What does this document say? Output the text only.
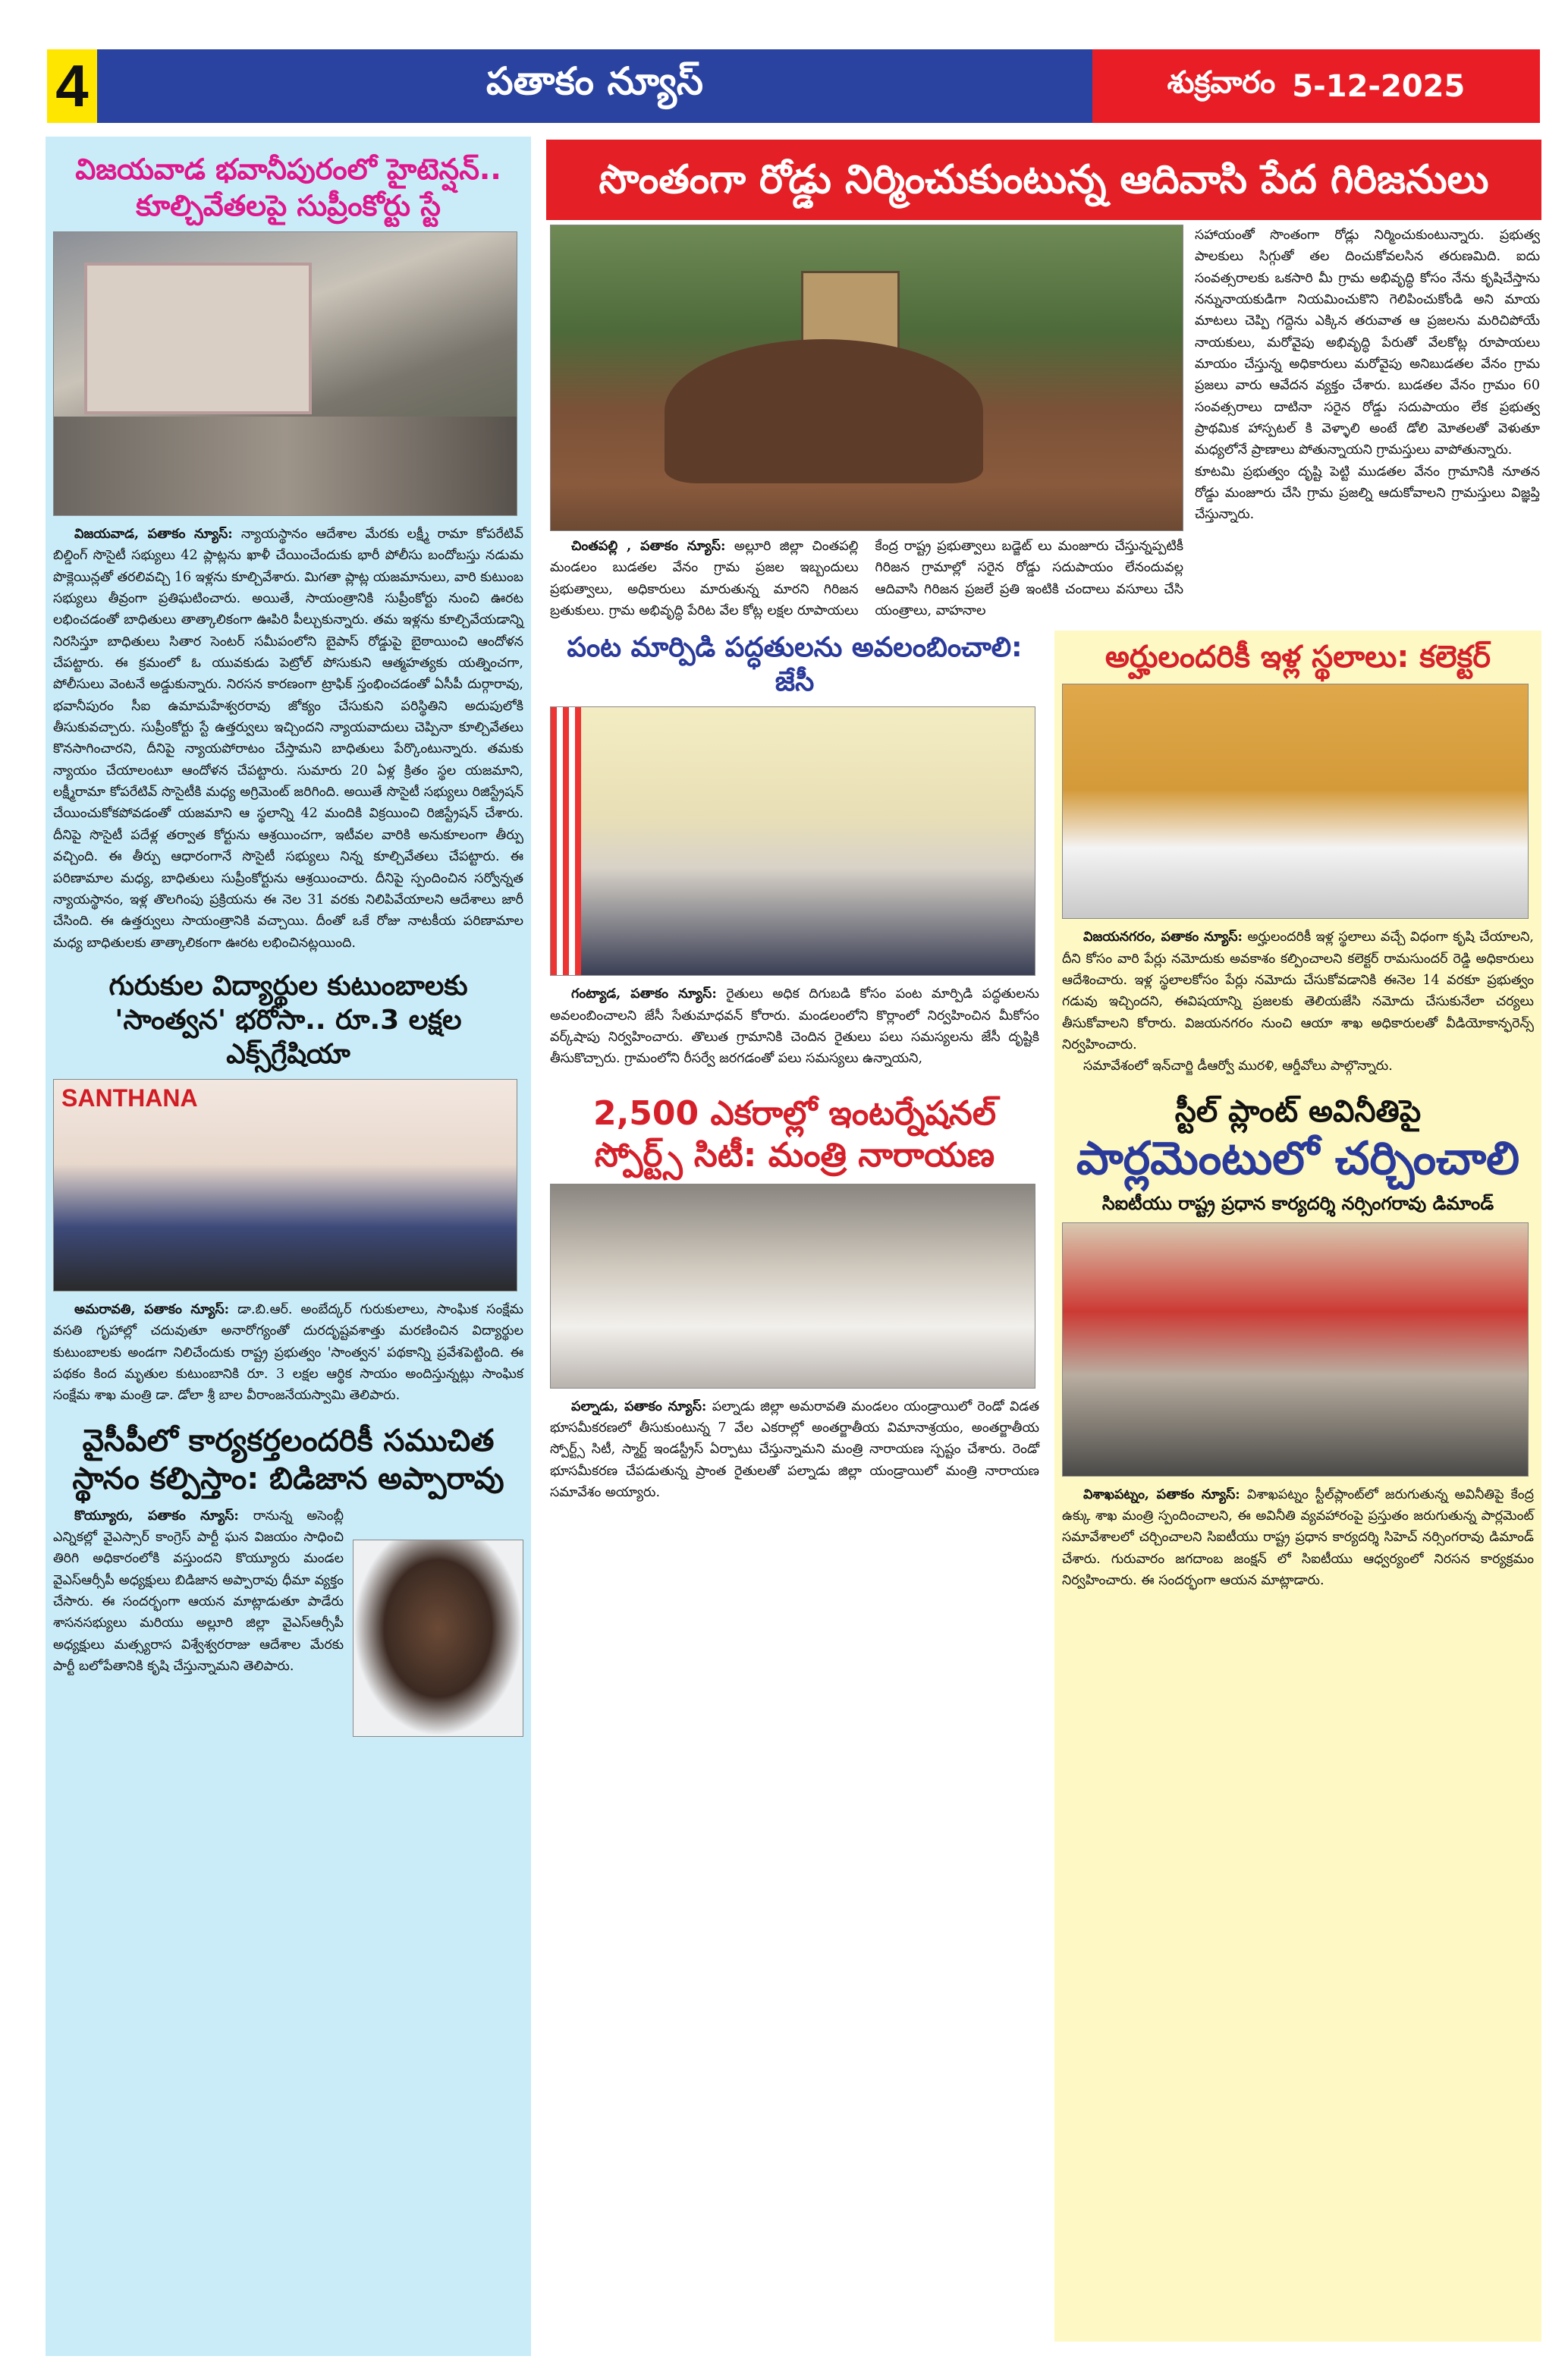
4	పతాకం న్యూస్	శుక్రవారం 5-12-2025
విజయవాడ భవానీపురంలో హైటెన్షన్..
కూల్చివేతలపై సుప్రీంకోర్టు స్టే

విజయవాడ, పతాకం న్యూస్: న్యాయస్థానం ఆదేశాల మేరకు లక్ష్మీ రామా కోపరేటివ్ బిల్డింగ్ సొసైటీ సభ్యులు 42 ప్లాట్లను ఖాళీ చేయించేందుకు భారీ పోలీసు బందోబస్తు నడుమ పొక్లెయిన్లతో తరలివచ్చి 16 ఇళ్లను కూల్చివేశారు. మిగతా ప్లాట్ల యజమానులు, వారి కుటుంబ సభ్యులు తీవ్రంగా ప్రతిఘటించారు. అయితే, సాయంత్రానికి సుప్రీంకోర్టు నుంచి ఊరట లభించడంతో బాధితులు తాత్కాలికంగా ఊపిరి పీల్చుకున్నారు. తమ ఇళ్లను కూల్చివేయడాన్ని నిరసిస్తూ బాధితులు సితార సెంటర్ సమీపంలోని బైపాస్ రోడ్డుపై బైఠాయించి ఆందోళన చేపట్టారు. ఈ క్రమంలో ఓ యువకుడు పెట్రోల్ పోసుకుని ఆత్మహత్యకు యత్నించగా, పోలీసులు వెంటనే అడ్డుకున్నారు. నిరసన కారణంగా ట్రాఫిక్ స్తంభించడంతో ఏసీపీ దుర్గారావు, భవానీపురం సీఐ ఉమామహేశ్వరరావు జోక్యం చేసుకుని పరిస్థితిని అదుపులోకి తీసుకువచ్చారు. సుప్రీంకోర్టు స్టే ఉత్తర్వులు ఇచ్చిందని న్యాయవాదులు చెప్పినా కూల్చివేతలు కొనసాగించారని, దీనిపై న్యాయపోరాటం చేస్తామని బాధితులు పేర్కొంటున్నారు. తమకు న్యాయం చేయాలంటూ ఆందోళన చేపట్టారు. సుమారు 20 ఏళ్ల క్రితం స్థల యజమాని, లక్ష్మీరామా కోపరేటివ్ సొసైటీకి మధ్య అగ్రిమెంట్ జరిగింది. అయితే సొసైటీ సభ్యులు రిజిస్ట్రేషన్ చేయించుకోకపోవడంతో యజమాని ఆ స్థలాన్ని 42 మందికి విక్రయించి రిజిస్ట్రేషన్ చేశారు. దీనిపై సొసైటీ పదేళ్ల తర్వాత కోర్టును ఆశ్రయించగా, ఇటీవల వారికి అనుకూలంగా తీర్పు వచ్చింది. ఈ తీర్పు ఆధారంగానే సొసైటీ సభ్యులు నిన్న కూల్చివేతలు చేపట్టారు. ఈ పరిణామాల మధ్య, బాధితులు సుప్రీంకోర్టును ఆశ్రయించారు. దీనిపై స్పందించిన సర్వోన్నత న్యాయస్థానం, ఇళ్ల తొలగింపు ప్రక్రియను ఈ నెల 31 వరకు నిలిపివేయాలని ఆదేశాలు జారీ చేసింది. ఈ ఉత్తర్వులు సాయంత్రానికి వచ్చాయి. దీంతో ఒకే రోజు నాటకీయ పరిణామాల మధ్య బాధితులకు తాత్కాలికంగా ఊరట లభించినట్లయింది.

గురుకుల విద్యార్థుల కుటుంబాలకు
'సాంత్వన' భరోసా.. రూ.3 లక్షల ఎక్స్‌గ్రేషియా
SANTHANA

అమరావతి, పతాకం న్యూస్: డా.బి.ఆర్. అంబేద్కర్ గురుకులాలు, సాంఘిక సంక్షేమ వసతి గృహాల్లో చదువుతూ అనారోగ్యంతో దురదృష్టవశాత్తు మరణించిన విద్యార్థుల కుటుంబాలకు అండగా నిలిచేందుకు రాష్ట్ర ప్రభుత్వం 'సాంత్వన' పథకాన్ని ప్రవేశపెట్టింది. ఈ పథకం కింద మృతుల కుటుంబానికి రూ. 3 లక్షల ఆర్థిక సాయం అందిస్తున్నట్లు సాంఘిక సంక్షేమ శాఖ మంత్రి డా. డోలా శ్రీ బాల వీరాంజనేయస్వామి తెలిపారు.

వైసీపీలో కార్యకర్తలందరికీ సముచిత
స్థానం కల్పిస్తాం: బిడిజాన అప్పారావు

కొయ్యూరు, పతాకం న్యూస్: రానున్న అసెంబ్లీ ఎన్నికల్లో వైఎస్సార్ కాంగ్రెస్ పార్టీ ఘన విజయం సాధించి తిరిగి అధికారంలోకి వస్తుందని కొయ్యూరు మండల వైఎస్ఆర్సీపీ అధ్యక్షులు బిడిజాన అప్పారావు ధీమా వ్యక్తం చేసారు. ఈ సందర్భంగా ఆయన మాట్లాడుతూ పాడేరు శాసనసభ్యులు మరియు అల్లూరి జిల్లా వైఎస్ఆర్సీపీ అధ్యక్షులు మత్స్యరాస విశ్వేశ్వరరాజు ఆదేశాల మేరకు పార్టీ బలోపేతానికి కృషి చేస్తున్నామని తెలిపారు.

సొంతంగా రోడ్డు నిర్మించుకుంటున్న ఆదివాసి పేద గిరిజనులు

చింతపల్లి , పతాకం న్యూస్: అల్లూరి జిల్లా చింతపల్లి మండలం బుడతల వేనం గ్రామ ప్రజల ఇబ్బందులు ప్రభుత్వాలు, అధికారులు మారుతున్న మారని గిరిజన బ్రతుకులు. గ్రామ అభివృద్ధి పేరిట వేల కోట్ల లక్షల రూపాయలు కేంద్ర రాష్ట్ర ప్రభుత్వాలు బడ్జెట్ లు మంజూరు చేస్తున్నప్పటికీ గిరిజన గ్రామాల్లో సరైన రోడ్డు సదుపాయం లేనందువల్ల ఆదివాసి గిరిజన ప్రజలే ప్రతి ఇంటికి చందాలు వసూలు చేసి యంత్రాలు, వాహనాల

సహాయంతో సొంతంగా రోడ్లు నిర్మించుకుంటున్నారు. ప్రభుత్వ పాలకులు సిగ్గుతో తల దించుకోవలసిన తరుణమిది. ఐదు సంవత్సరాలకు ఒకసారి మీ గ్రామ అభివృద్ధి కోసం నేను కృషిచేస్తాను నన్నునాయకుడిగా నియమించుకొని గెలిపించుకోండి అని మాయ మాటలు చెప్పి గద్దెను ఎక్కిన తరువాత ఆ ప్రజలను మరిచిపోయే నాయకులు, మరోవైపు అభివృద్ధి పేరుతో వేలకోట్ల రూపాయలు మాయం చేస్తున్న అధికారులు మరోవైపు అనిబుడతల వేనం గ్రామ ప్రజలు వారు ఆవేదన వ్యక్తం చేశారు. బుడతల వేనం గ్రామం 60 సంవత్సరాలు దాటినా సరైన రోడ్డు సదుపాయం లేక ప్రభుత్వ ప్రాథమిక హాస్పటల్ కి వెళ్ళాలి అంటే డోలి మోతలతో వెళుతూ మధ్యలోనే ప్రాణాలు పోతున్నాయని గ్రామస్తులు వాపోతున్నారు.

కూటమి ప్రభుత్వం దృష్టి పెట్టి ముడతల వేనం గ్రామానికి నూతన రోడ్డు మంజూరు చేసి గ్రామ ప్రజల్ని ఆదుకోవాలని గ్రామస్తులు విజ్ఞప్తి చేస్తున్నారు.

పంట మార్పిడి పద్ధతులను అవలంబించాలి: జేసీ

గంట్యాడ, పతాకం న్యూస్: రైతులు అధిక దిగుబడి కోసం పంట మార్పిడి పద్ధతులను అవలంబించాలని జేసీ సేతుమాధవన్ కోరారు. మండలంలోని కొర్లాంలో నిర్వహించిన మీకోసం వర్క్‌షాపు నిర్వహించారు. తొలుత గ్రామానికి చెందిన రైతులు పలు సమస్యలను జేసీ దృష్టికి తీసుకొచ్చారు. గ్రామంలోని రీసర్వే జరగడంతో పలు సమస్యలు ఉన్నాయని,

2,500 ఎకరాల్లో ఇంటర్నేషనల్
స్పోర్ట్స్ సిటీ: మంత్రి నారాయణ

పల్నాడు, పతాకం న్యూస్: పల్నాడు జిల్లా అమరావతి మండలం యండ్రాయిలో రెండో విడత భూసమీకరణలో తీసుకుంటున్న 7 వేల ఎకరాల్లో అంతర్జాతీయ విమానాశ్రయం, అంతర్జాతీయ స్పోర్ట్స్ సిటీ, స్మార్ట్ ఇండస్ట్రీస్ ఏర్పాటు చేస్తున్నామని మంత్రి నారాయణ స్పష్టం చేశారు. రెండో భూసమీకరణ చేపడుతున్న ప్రాంత రైతులతో పల్నాడు జిల్లా యండ్రాయిలో మంత్రి నారాయణ సమావేశం అయ్యారు.

అర్హులందరికీ ఇళ్ల స్థలాలు: కలెక్టర్

విజయనగరం, పతాకం న్యూస్: అర్హులందరికీ ఇళ్ల స్థలాలు వచ్చే విధంగా కృషి చేయాలని, దీని కోసం వారి పేర్లు నమోదుకు అవకాశం కల్పించాలని కలెక్టర్ రామసుందర్ రెడ్డి అధికారులు ఆదేశించారు. ఇళ్ల స్థలాలకోసం పేర్లు నమోదు చేసుకోవడానికి ఈనెల 14 వరకూ ప్రభుత్వం గడువు ఇచ్చిందని, ఈవిషయాన్ని ప్రజలకు తెలియజేసి నమోదు చేసుకునేలా చర్యలు తీసుకోవాలని కోరారు. విజయనగరం నుంచి ఆయా శాఖ అధికారులతో వీడియోకాన్ఫరెన్స్ నిర్వహించారు.

సమావేశంలో ఇన్‌చార్జి డీఆర్వో మురళి, ఆర్డీవోలు పాల్గొన్నారు.

స్టీల్ ప్లాంట్ అవినీతిపై
పార్లమెంటులో చర్చించాలి
సిఐటీయు రాష్ట్ర ప్రధాన కార్యదర్శి నర్సింగరావు డిమాండ్

విశాఖపట్నం, పతాకం న్యూస్: విశాఖపట్నం స్టీల్‌ప్లాంట్‌లో జరుగుతున్న అవినీతిపై కేంద్ర ఉక్కు శాఖ మంత్రి స్పందించాలని, ఈ అవినీతి వ్యవహారంపై ప్రస్తుతం జరుగుతున్న పార్లమెంట్ సమావేశాలలో చర్చించాలని సిఐటీయు రాష్ట్ర ప్రధాన కార్యదర్శి సిహెచ్ నర్సింగరావు డిమాండ్ చేశారు. గురువారం జగదాంబ జంక్షన్ లో సిఐటీయు ఆధ్వర్యంలో నిరసన కార్యక్రమం నిర్వహించారు. ఈ సందర్భంగా ఆయన మాట్లాడారు.
